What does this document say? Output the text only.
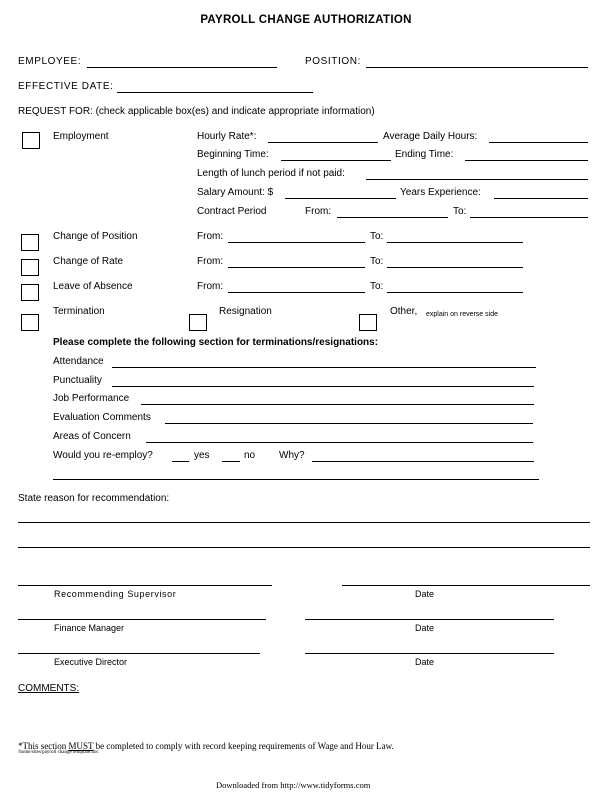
PAYROLL CHANGE AUTHORIZATION
EMPLOYEE:	POSITION:
EFFECTIVE DATE:
REQUEST FOR: (check applicable box(es) and indicate appropriate information)
Employment	Hourly Rate*:	Average Daily Hours:
Beginning Time:	Ending Time:
Length of lunch period if not paid:
Salary Amount: $	Years Experience:
Contract Period	From:	To:
Change of Position	From:	To:
Change of Rate	From:	To:
Leave of Absence	From:	To:
Termination	Resignation	Other, explain on reverse side
Please complete the following section for terminations/resignations:
Attendance
Punctuality
Job Performance
Evaluation Comments
Areas of Concern
Would you re-employ?	yes	no Why?
State reason for recommendation:
Recommending Supervisor	Date
Finance Manager	Date
Executive Director	Date
COMMENTS:
*This section MUST be completed to comply with record keeping requirements of Wage and Hour Law.
/home/sites/payroll change template.doc
Downloaded from http://www.tidyforms.com
